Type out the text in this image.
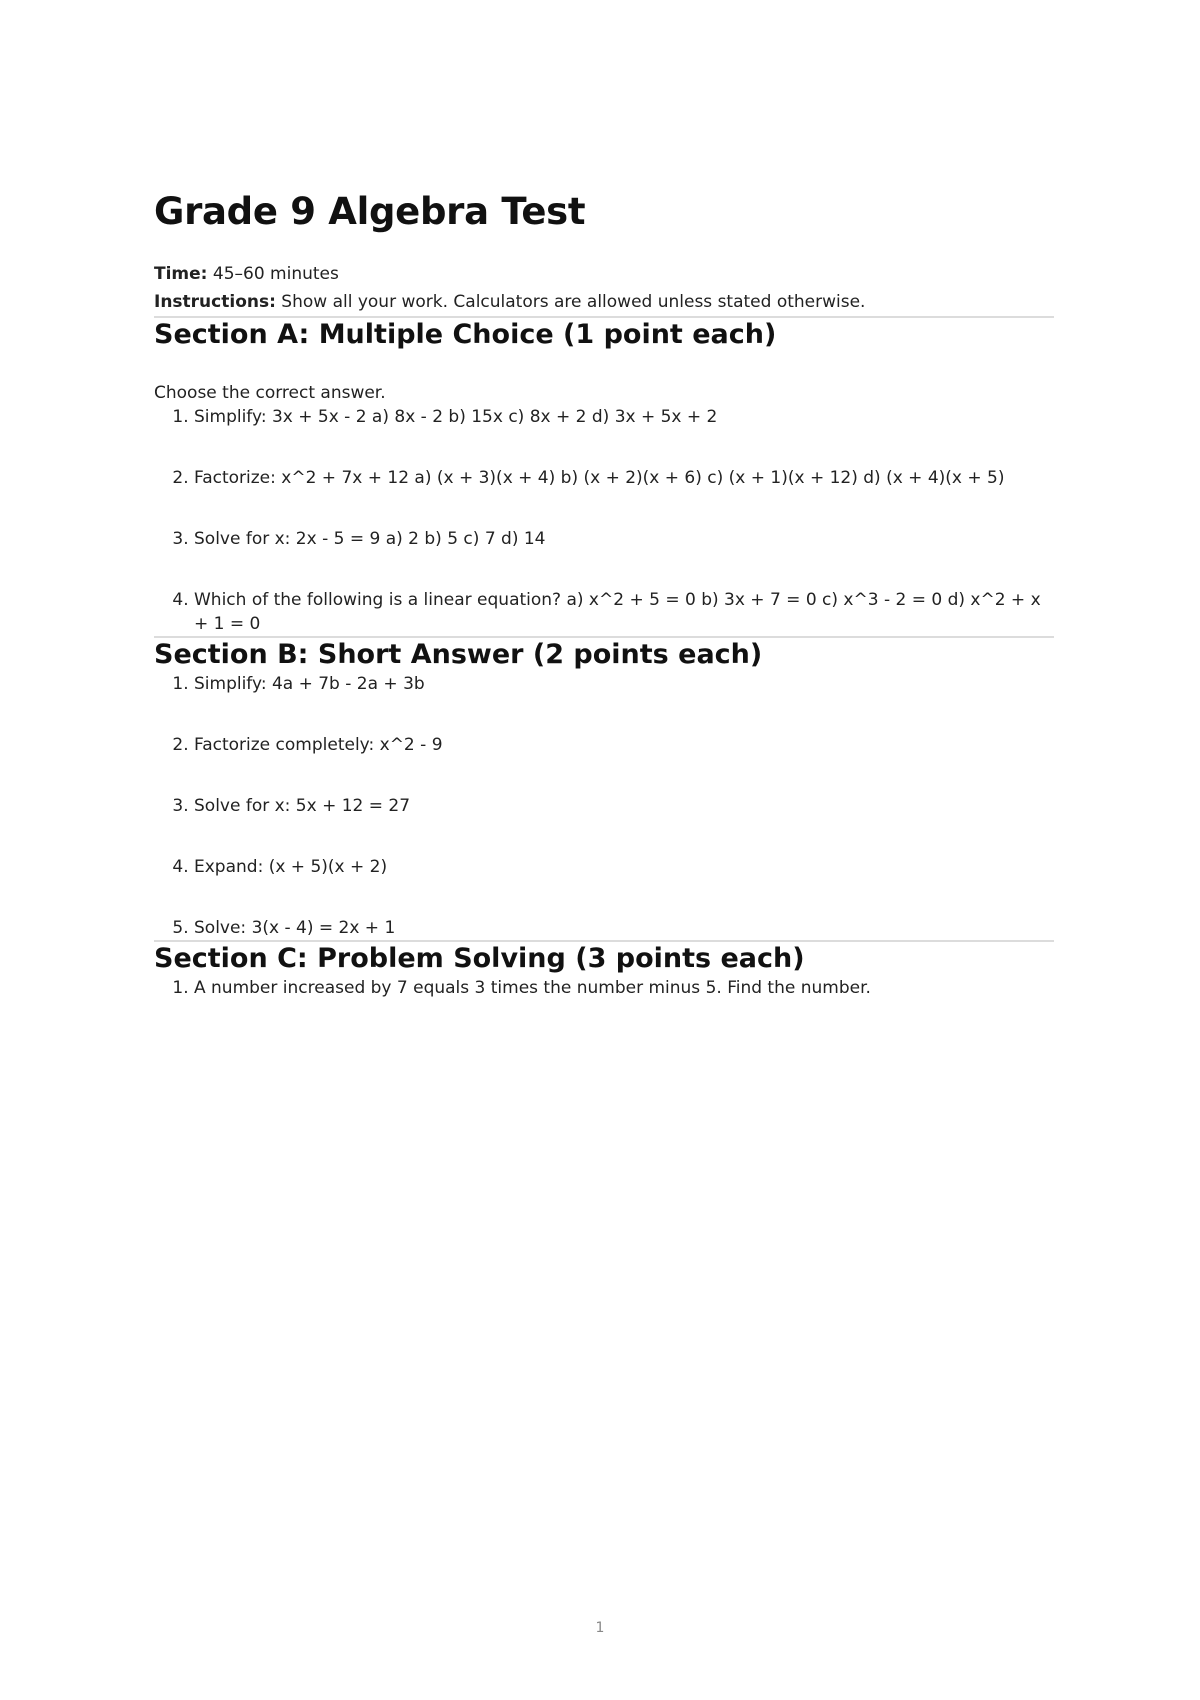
Grade 9 Algebra Test
Time: 45–60 minutes
Instructions: Show all your work. Calculators are allowed unless stated otherwise.
Section A: Multiple Choice (1 point each)
Choose the correct answer.
1. Simplify: 3x + 5x - 2 a) 8x - 2 b) 15x c) 8x + 2 d) 3x + 5x + 2
2. Factorize: x^2 + 7x + 12 a) (x + 3)(x + 4) b) (x + 2)(x + 6) c) (x + 1)(x + 12) d) (x + 4)(x + 5)
3. Solve for x: 2x - 5 = 9 a) 2 b) 5 c) 7 d) 14
4. Which of the following is a linear equation? a) x^2 + 5 = 0 b) 3x + 7 = 0 c) x^3 - 2 = 0 d) x^2 + x + 1 = 0
Section B: Short Answer (2 points each)
1. Simplify: 4a + 7b - 2a + 3b
2. Factorize completely: x^2 - 9
3. Solve for x: 5x + 12 = 27
4. Expand: (x + 5)(x + 2)
5. Solve: 3(x - 4) = 2x + 1
Section C: Problem Solving (3 points each)
1. A number increased by 7 equals 3 times the number minus 5. Find the number.
1
